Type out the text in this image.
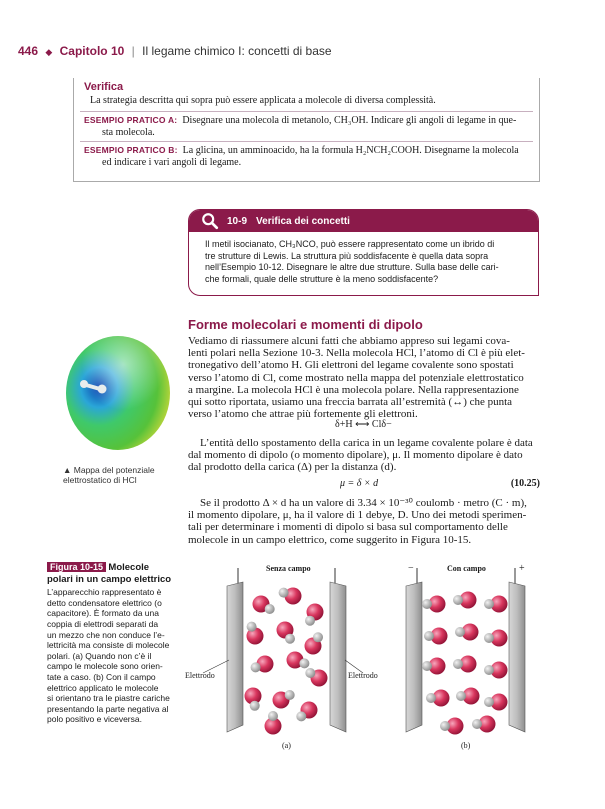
446 ◆ Capitolo 10 | Il legame chimico I: concetti di base
Verifica
La strategia descritta qui sopra può essere applicata a molecole di diversa complessità.
ESEMPIO PRATICO A: Disegnare una molecola di metanolo, CH₃OH. Indicare gli angoli di legame in que-
sta molecola.
ESEMPIO PRATICO B: La glicina, un amminoacido, ha la formula H₂NCH₂COOH. Disegnarne la molecola
ed indicare i vari angoli di legame.
10-9 Verifica dei concetti
Il metil isocianato, CH₃NCO, può essere rappresentato come un ibrido di
tre strutture di Lewis. La struttura più soddisfacente è quella data sopra
nell’Esempio 10-12. Disegnare le altre due strutture. Sulla base delle cari-
che formali, quale delle strutture è la meno soddisfacente?
▲ Mappa del potenziale elettrostatico di HCl
Forme molecolari e momenti di dipolo

Vediamo di riassumere alcuni fatti che abbiamo appreso sui legami cova-

lenti polari nella Sezione 10-3. Nella molecola HCl, l’atomo di Cl è più elet-

tronegativo dell’atomo H. Gli elettroni del legame covalente sono spostati

verso l’atomo di Cl, come mostrato nella mappa del potenziale elettrostatico

a margine. La molecola HCl è una molecola polare. Nella rappresentazione

qui sotto riportata, usiamo una freccia barrata all’estremità (↔) che punta

verso l’atomo che attrae più fortemente gli elettroni.

δ+H ⟷ Clδ−

L’entità dello spostamento della carica in un legame covalente polare è data

dal momento di dipolo (o momento dipolare), μ. Il momento dipolare è dato

dal prodotto della carica (Δ) per la distanza (d).

μ = δ × d	(10.25)

Se il prodotto Δ × d ha un valore di 3.34 × 10⁻³⁰ coulomb · metro (C · m),

il momento dipolare, μ, ha il valore di 1 debye, D. Uno dei metodi sperimen-

tali per determinare i momenti di dipolo si basa sul comportamento delle

molecole in un campo elettrico, come suggerito in Figura 10-15.

Figura 10-15 Molecole polari in un campo elettrico
L’apparecchio rappresentato è
detto condensatore elettrico (o
capacitore). È formato da una
coppia di elettrodi separati da
un mezzo che non conduce l’e-
lettricità ma consiste di molecole
polari. (a) Quando non c’è il
campo le molecole sono orien-
tate a caso. (b) Con il campo
elettrico applicato le molecole
si orientano tra le piastre cariche
presentando la parte negativa al
polo positivo e viceversa.
Senza campo	Con campo
−	+
Elettrodo	Elettrodo
(a)	(b)
